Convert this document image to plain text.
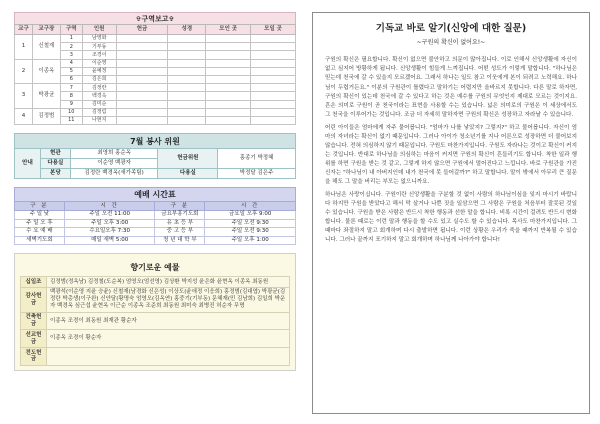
✞구역보고✞
교구	교구장	구역	인원	헌금	성경	모인 곳	모일 곳
1	신철재	1	남영화				
		2	기부동				
		3	조경이				
2	이종옥	4	이순영				
		5	윤예정				
		6	김은희				
3	박광균	7	김정란				
		8	백경옥				
		9	김미순				
4	김정범	10	김정림				
		11	나현지				
7월 봉사 위원
안내	현관	최영희 홍순옥	헌금위원	홍종기 박정혜
	다용실	이순영 백광자		
	본당	김정란 백경옥(새가족팀)	다용실	박정달 김은주
예배 시간표
구 분	시 간	구 분	시 간
주 일 낮	주일 오전 11:00	금요부흥기도회	금요일 오후 9:00
주 일 오 후	주일 오후 3:00	유 초 등 부	주일 오전 9:30
수 요 예 배	수요일오후 7:30	중 고 등 부	주일 오전 9:30
새벽기도회	매일 새벽 5:00	청 년 대 학 부	주일 오후 1:00
향기로운 예물
십일조	김정범(정옥남) 김정철(도순복) 엄영오(엄선영) 김상환 박지성 윤은화 윤현옥 이종옥 최동원
감사헌금	백광석(이순영 지윤 승윤) 신철재(남경화 신은성) 이상도(윤애정 이응희) 홍정범(김대엽) 박광균(김정란 박총생(이구완) 신안달(황명숙 엄영오(김옥연) 홍중기(기부동) 문혜재(민 김남희) 김일희 박운자 백경옥 심근섭 윤현옥 이근순 이종옥 조준희 최동원 최미숙 최병진 허순자 무명
건축헌금	이종옥 조경이 최동원 최재관 황순자
선교헌금	이종옥 조경이 황순자
전도헌금	
기독교 바로 알기(신앙에 대한 질문)
~구원의 확신이 없어요!~

구원의 확신은 필요합니다. 확신이 없으면 불안하고 의문이 많아집니다. 이로 인해서 신앙생활에 자신이 없고 심지어 방황하게 됩니다. 신앙생활이 힘들게 느껴집니다. 어떤 성도가 이렇게 말합니다. "하나님은 믿는데 천국에 갈 수 있을지 모르겠어요. 그래서 하나는 일도 참고 이웃에게 본이 되려고 노력해요. 하나님이 두렵거든요." 이분의 구원관이 틀렸다고 말하기는 어렵지만 올바르지 못합니다. 다른 말로 하자면, 구원의 확신이 있는데 천국에 갈 수 있다고 하는 것은 예수를 구원의 무엇인지 제대로 모르는 것이지요. 흔은 의미로 구원이 곧 천국이라는 표현을 사용할 수는 있습니다. 넓은 의미로의 구원은 이 세상에서도 그 천국을 이루어가는 것입니다. 조금 더 자세히 말하자면 구원의 확신은 성장하고 자라날 수 있습니다.

어린 아이들은 엄마에게 자주 물어봅니다. "엄마가 나를 낳았지? 그렇지?" 하고 물어봅니다. 자신이 엄마의 자녀라는 확신이 없기 때문입니다. 그러나 아이가 청소년기를 지나 어른으로 성장하면 더 물어보지 않습니다. 전혀 의심하지 않기 때문입니다. 구원도 마찬가지입니다. 구원도 자라나는 것이고 확신이 커지는 것입니다. 반대로 하나님을 의심하는 마음이 커지면 구원의 확신이 흔들리기도 합니다. 착한 일과 행위를 하면 구원을 받는 것 같고, 그렇게 하지 않으면 구원에서 멀어진다고 느낍니다. 바로 구원관을 가진 신자는 "하나님이 내 아버지인데 내가 천국에 못 들어갈까?" 하고 말합니다. 말이 밖에서 아무리 큰 질문을 해도 그 말을 버리는 부모는 없으니까요.

하나님은 사랑이십니다. 구원이란 신앙생활을 구분할 것 없이 사람의 하나님이심을 잊지 마시기 바랍니다 하지만 구원을 받았다고 해서 막 살거나 나쁜 짓을 일삼으면 그 사람은 구원을 처음부터 잘못된 것일 수 있습니다. 구원을 받은 사람은 반드시 착한 행동과 선한 말을 합니다. 비록 시간이 걸려도 반드시 변화합니다. 물론 때로는 이런 말과 행동을 할 수도 있고 실수도 할 수 있습니다. 목사도 마찬가지입니다. 그때마다 좌절하지 말고 회개하며 다시 출발하면 됩니다. 이런 상황은 우리가 죽을 때까지 반복될 수 있습니다. 그러나 끝까지 포기하지 말고 회개하며 하나님께 나아가야 합니다!
